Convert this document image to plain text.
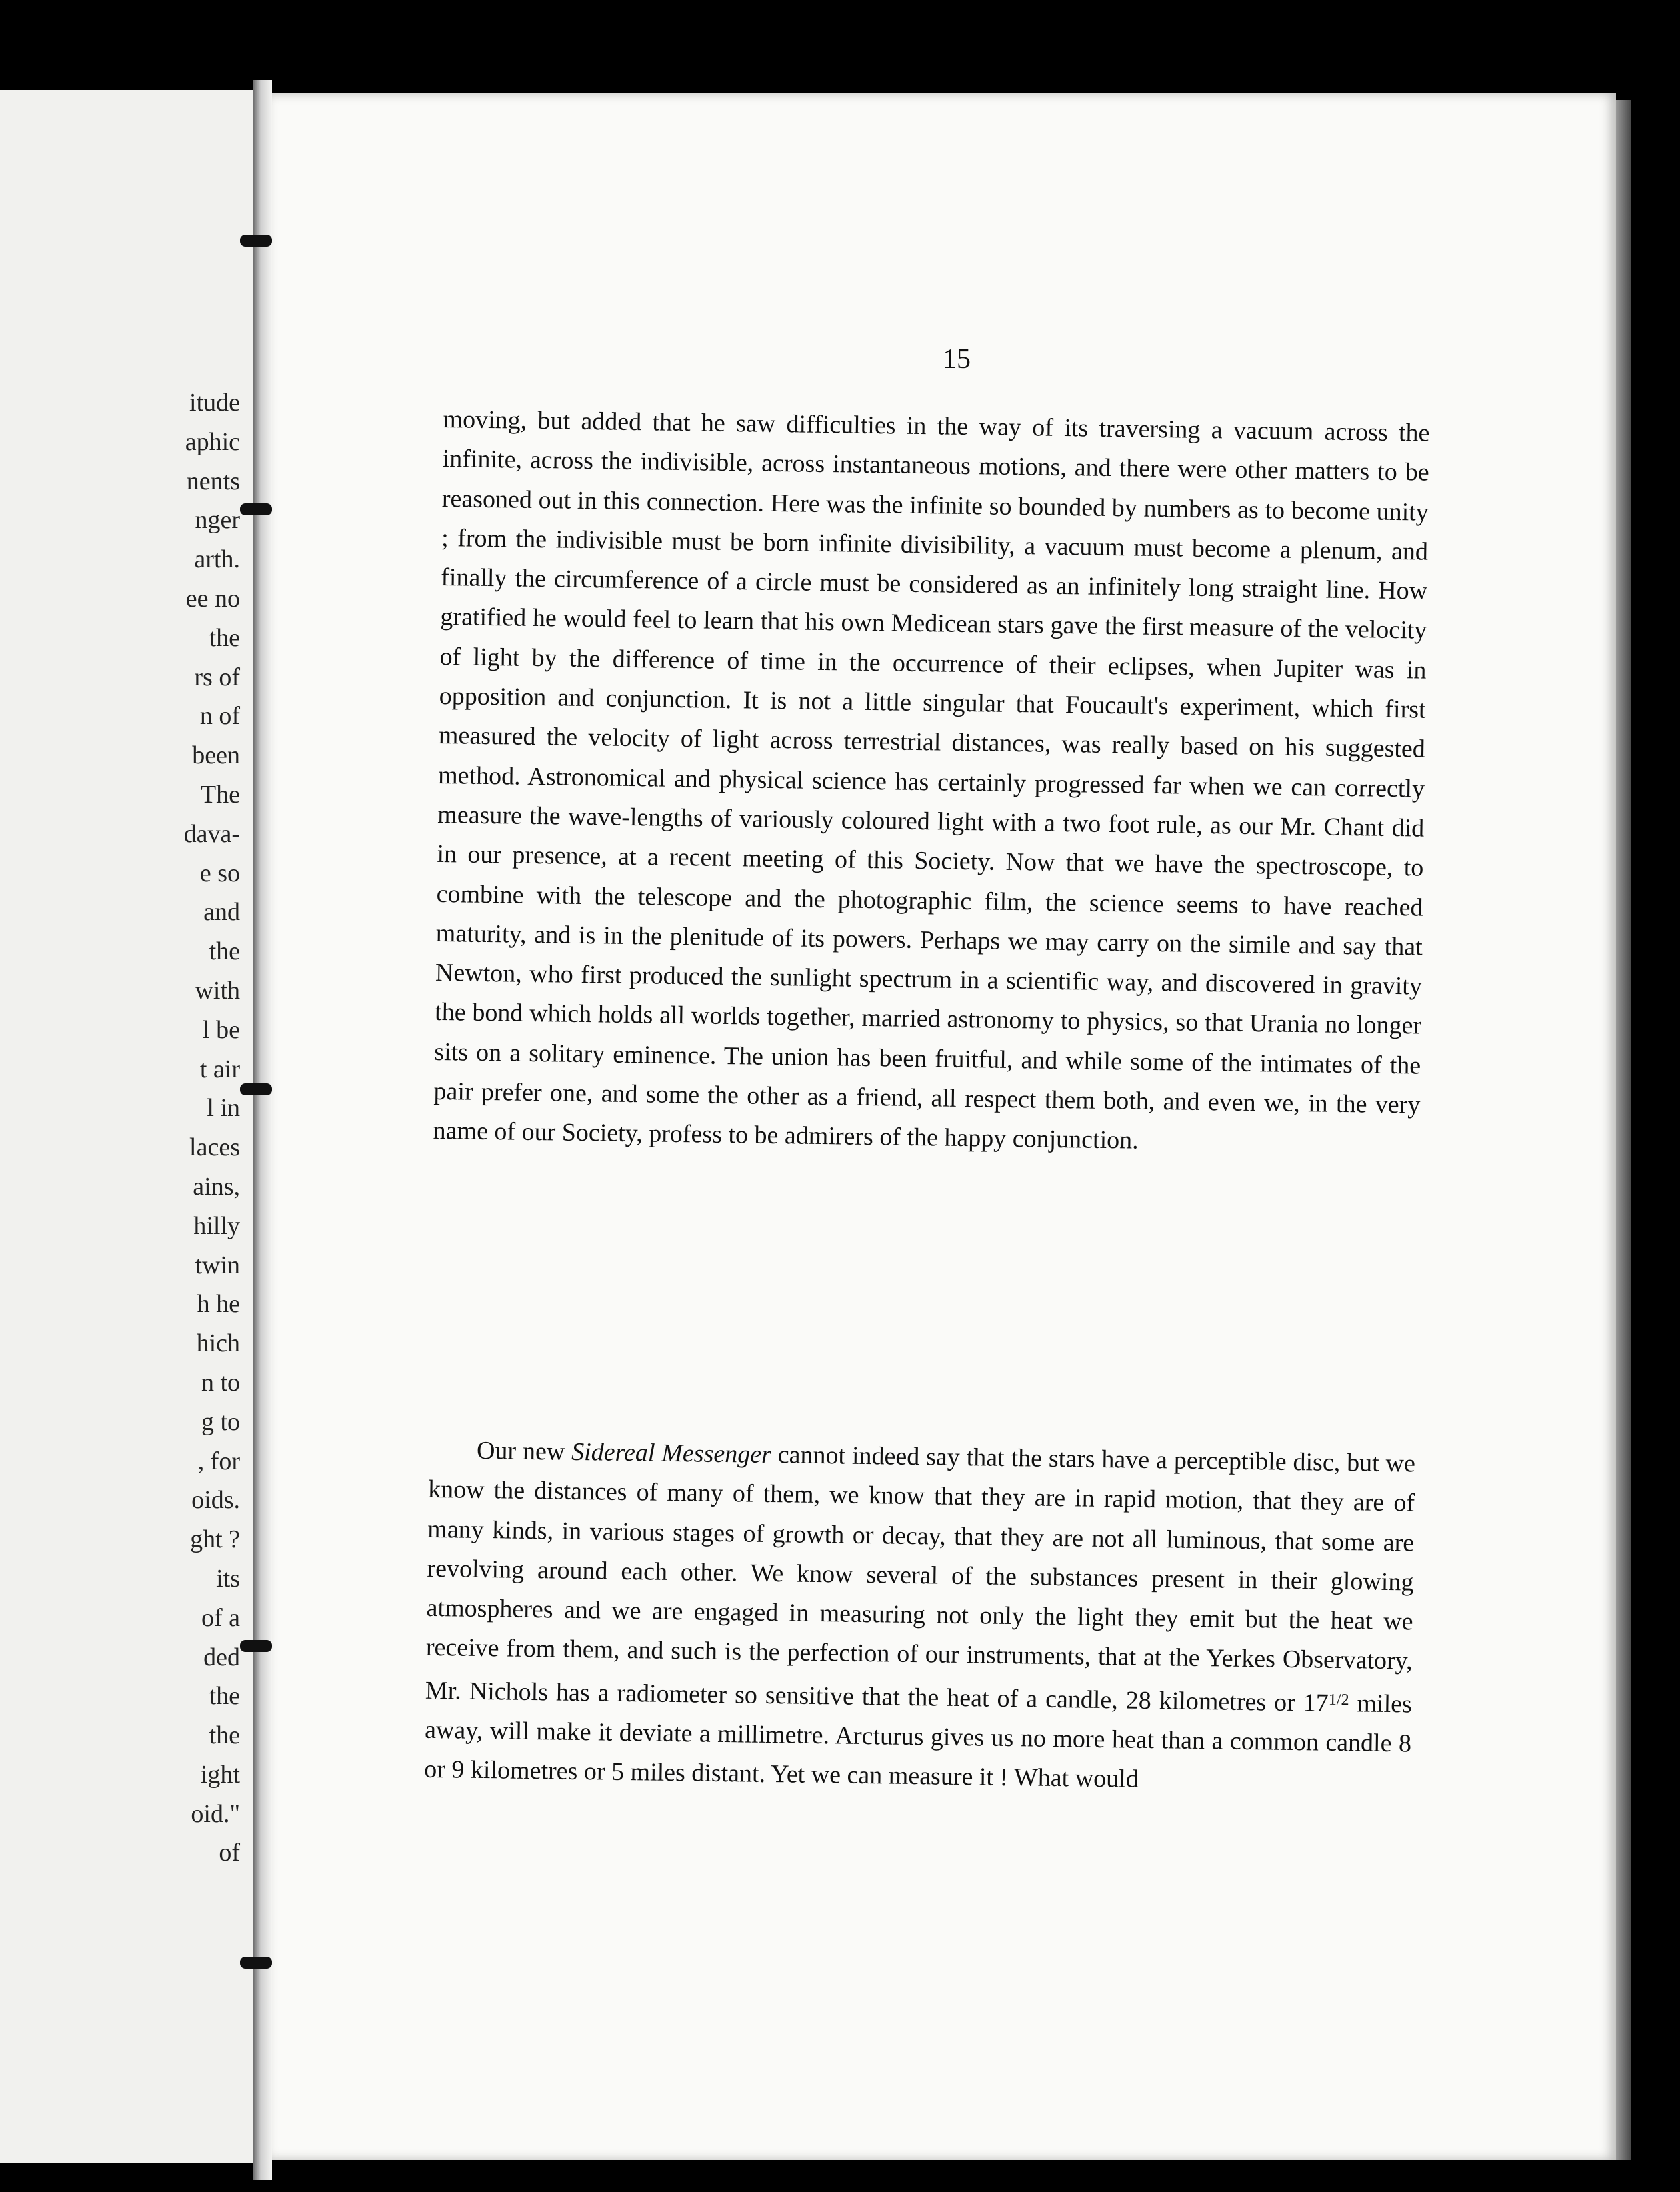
itude
aphic
nents
nger
arth.
ee no
the
rs of
n of
been
The
dava-
e so
and
the
with
l be
t air
l in
laces
ains,
hilly
twin
h he
hich
n to
g to
, for
oids.
ght ?
its
of a
ded
the
the
ight
oid."
of
15

moving, but added that he saw difficulties in the way of its traversing a vacuum across the infinite, across the indivisible, across instantaneous motions, and there were other matters to be reasoned out in this connection. Here was the infinite so bounded by numbers as to become unity ; from the indivisible must be born infinite divisibility, a vacuum must become a plenum, and finally the circumference of a circle must be considered as an infinitely long straight line. How gratified he would feel to learn that his own Medicean stars gave the first measure of the velocity of light by the difference of time in the occurrence of their eclipses, when Jupiter was in opposition and conjunction. It is not a little singular that Foucault's experiment, which first measured the velocity of light across terrestrial distances, was really based on his suggested method. Astronomical and physical science has certainly progressed far when we can correctly measure the wave-lengths of variously coloured light with a two foot rule, as our Mr. Chant did in our presence, at a recent meeting of this Society. Now that we have the spectroscope, to combine with the telescope and the photographic film, the science seems to have reached maturity, and is in the plenitude of its powers. Perhaps we may carry on the simile and say that Newton, who first produced the sunlight spectrum in a scientific way, and discovered in gravity the bond which holds all worlds together, married astronomy to physics, so that Urania no longer sits on a solitary eminence. The union has been fruitful, and while some of the intimates of the pair prefer one, and some the other as a friend, all respect them both, and even we, in the very name of our Society, profess to be admirers of the happy conjunction.

Our new Sidereal Messenger cannot indeed say that the stars have a perceptible disc, but we know the distances of many of them, we know that they are in rapid motion, that they are of many kinds, in various stages of growth or decay, that they are not all luminous, that some are revolving around each other. We know several of the substances present in their glowing atmospheres and we are engaged in measuring not only the light they emit but the heat we receive from them, and such is the perfection of our instruments, that at the Yerkes Observatory, Mr. Nichols has a radiometer so sensitive that the heat of a candle, 28 kilometres or $17^{1/2}$ miles away, will make it deviate a millimetre. Arcturus gives us no more heat than a common candle 8 or 9 kilometres or 5 miles distant. Yet we can measure it ! What would
